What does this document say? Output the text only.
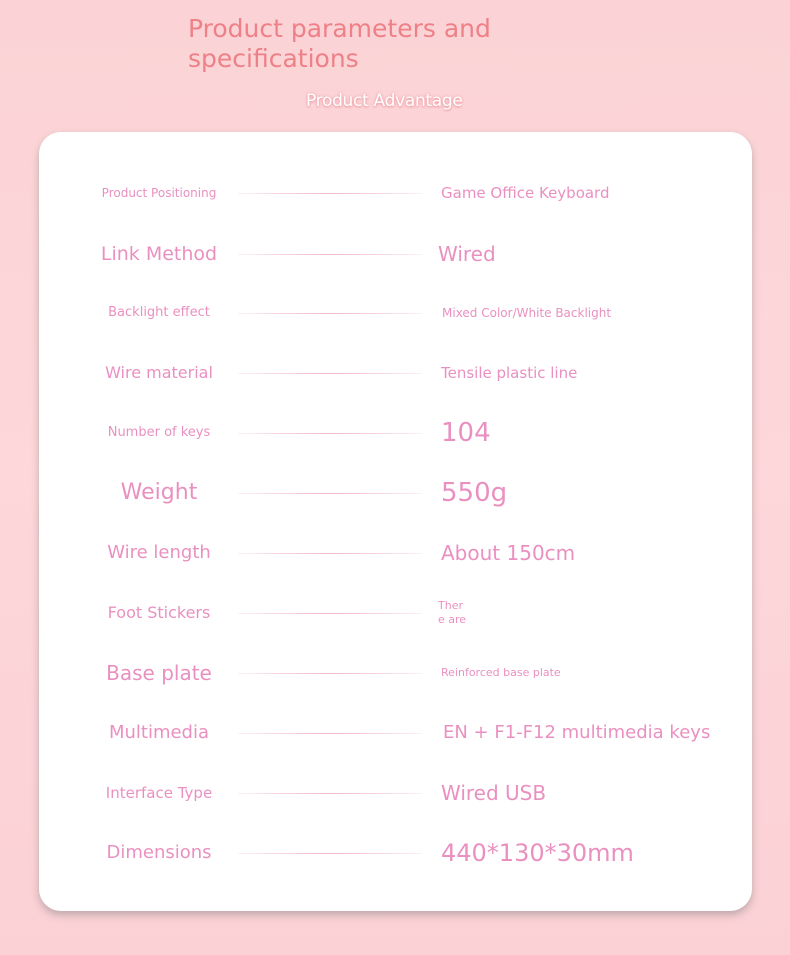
Product parameters and specifications
Product Advantage
Product Positioning	Game Office Keyboard
Link Method	Wired
Backlight effect	Mixed Color/White Backlight
Wire material	Tensile plastic line
Number of keys	104
Weight	550g
Wire length	About 150cm
Foot Stickers	There are
Base plate	Reinforced base plate
Multimedia	EN + F1-F12 multimedia keys
Interface Type	Wired USB
Dimensions	440*130*30mm
